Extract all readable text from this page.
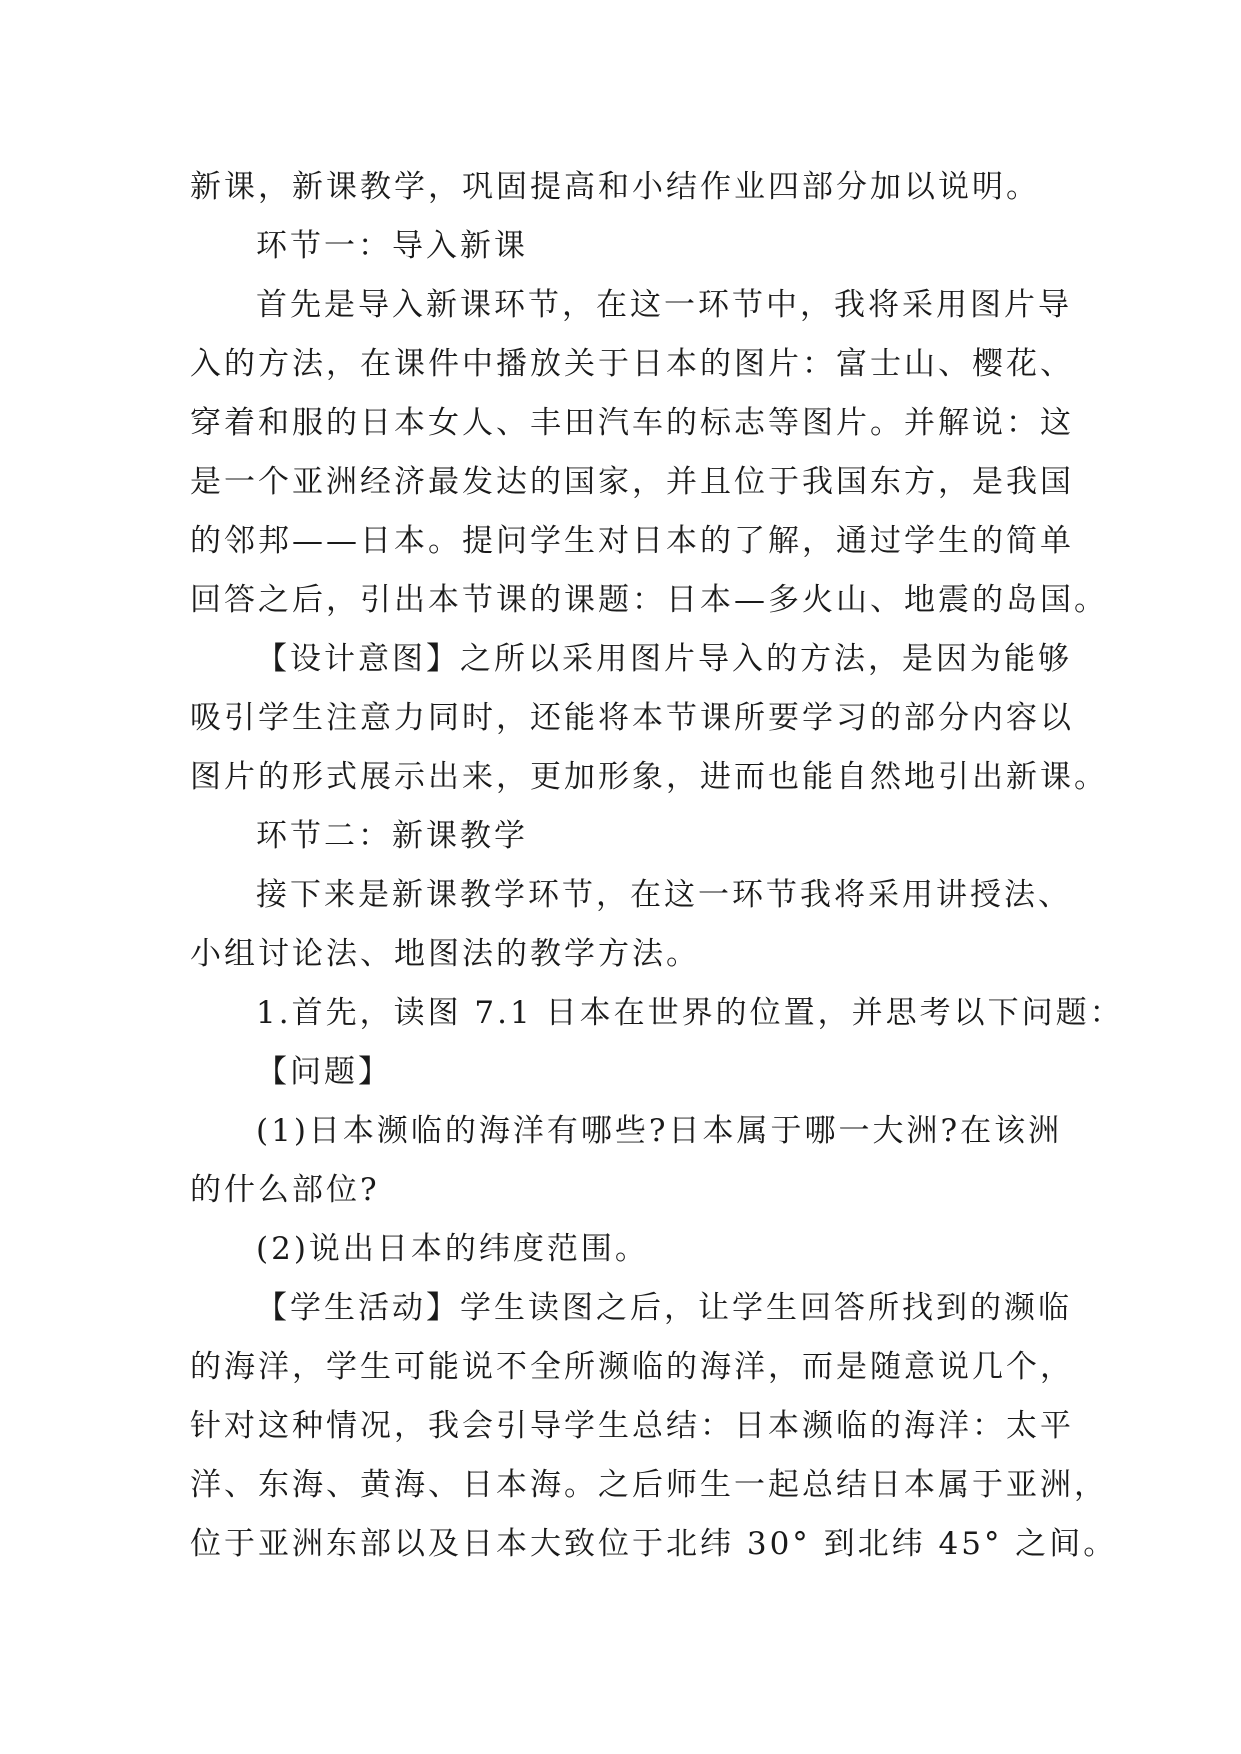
新课，新课教学，巩固提高和小结作业四部分加以说明。
环节一：导入新课
首先是导入新课环节，在这一环节中，我将采用图片导
入的方法，在课件中播放关于日本的图片：富士山、樱花、
穿着和服的日本女人、丰田汽车的标志等图片。并解说：这
是一个亚洲经济最发达的国家，并且位于我国东方，是我国
的邻邦——日本。提问学生对日本的了解，通过学生的简单
回答之后，引出本节课的课题：日本—多火山、地震的岛国。
【设计意图】之所以采用图片导入的方法，是因为能够
吸引学生注意力同时，还能将本节课所要学习的部分内容以
图片的形式展示出来，更加形象，进而也能自然地引出新课。
环节二：新课教学
接下来是新课教学环节，在这一环节我将采用讲授法、
小组讨论法、地图法的教学方法。
1.首先，读图 7.1 日本在世界的位置，并思考以下问题：
【问题】
(1)日本濒临的海洋有哪些?日本属于哪一大洲?在该洲
的什么部位?
(2)说出日本的纬度范围。
【学生活动】学生读图之后，让学生回答所找到的濒临
的海洋，学生可能说不全所濒临的海洋，而是随意说几个，
针对这种情况，我会引导学生总结：日本濒临的海洋：太平
洋、东海、黄海、日本海。之后师生一起总结日本属于亚洲，
位于亚洲东部以及日本大致位于北纬 30° 到北纬 45° 之间。
